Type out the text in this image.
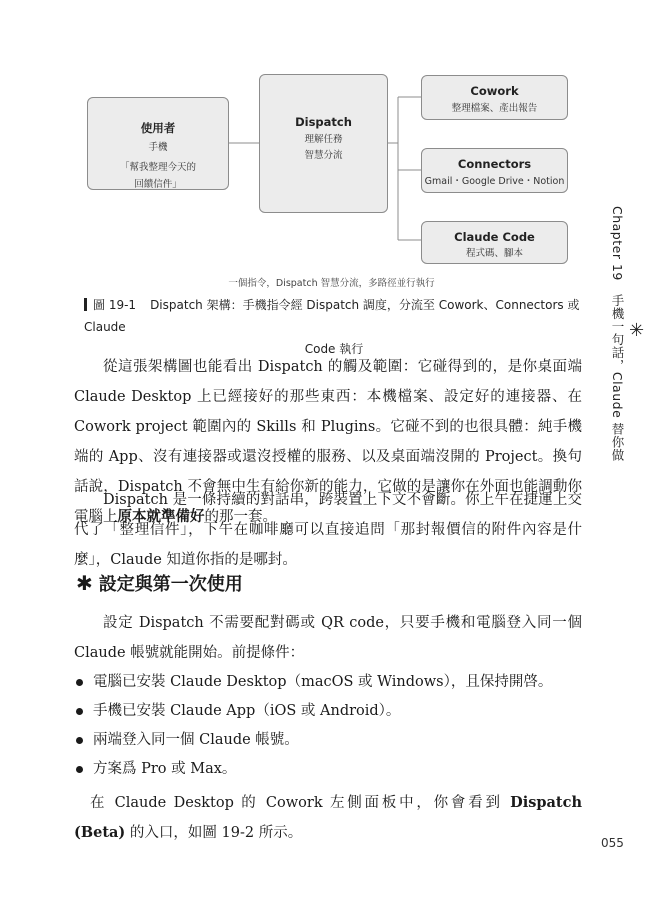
使用者
手機
「幫我整理今天的
回饋信件」
Dispatch
理解任務
智慧分流
Cowork
整理檔案、產出報告
Connectors
Gmail・Google Drive・Notion
Claude Code
程式碼、腳本
一個指令，Dispatch 智慧分流，多路徑並行執行
圖 19-1 Dispatch 架構：手機指令經 Dispatch 調度，分流至 Cowork、Connectors 或 Claude
Code 執行

從這張架構圖也能看出 Dispatch 的觸及範圍：它碰得到的，是你桌面端 Claude Desktop 上已經接好的那些東西：本機檔案、設定好的連接器、在 Cowork project 範圍內的 Skills 和 Plugins。它碰不到的也很具體：純手機端的 App、沒有連接器或還沒授權的服務、以及桌面端沒開的 Project。換句話說，Dispatch 不會無中生有給你新的能力，它做的是讓你在外面也能調動你電腦上原本就準備好的那一套。

Dispatch 是一條持續的對話串，跨裝置上下文不會斷。你上午在捷運上交代了「整理信件」，下午在咖啡廳可以直接追問「那封報價信的附件內容是什麼」，Claude 知道你指的是哪封。

✱ 設定與第一次使用

設定 Dispatch 不需要配對碼或 QR code，只要手機和電腦登入同一個 Claude 帳號就能開始。前提條件：

電腦已安裝 Claude Desktop（macOS 或 Windows），且保持開啓。
手機已安裝 Claude App（iOS 或 Android）。
兩端登入同一個 Claude 帳號。
方案爲 Pro 或 Max。

在 Claude Desktop 的 Cowork 左側面板中，你會看到 Dispatch (Beta) 的入口，如圖 19-2 所示。

✳
Chapter 19　手機一句話，Claude 替你做
055
